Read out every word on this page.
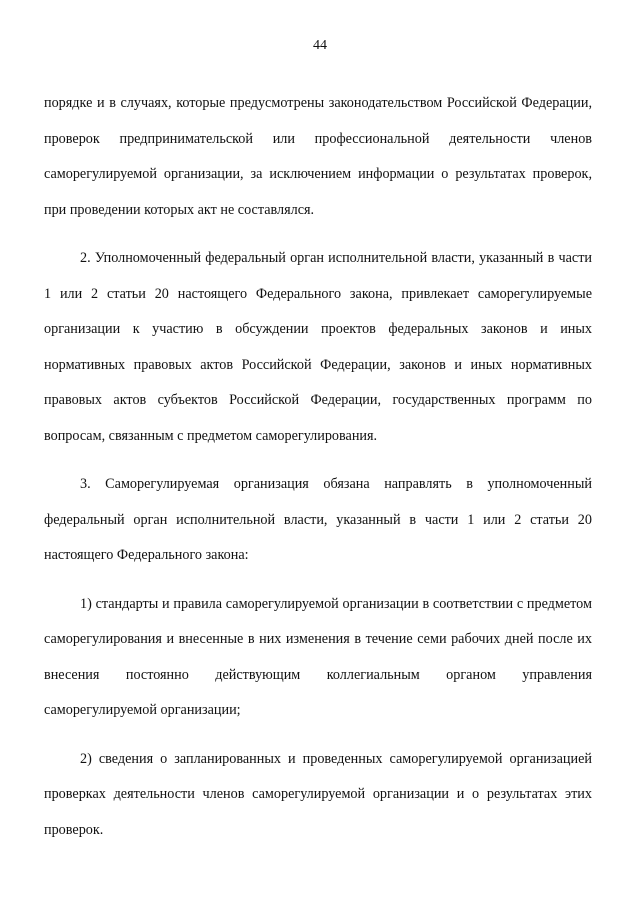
44

порядке и в случаях, которые предусмотрены законодательством Российской Федерации, проверок предпринимательской или профессиональной деятельности членов саморегулируемой организации, за исключением информации о результатах проверок, при проведении которых акт не составлялся.

2. Уполномоченный федеральный орган исполнительной власти, указанный в части 1 или 2 статьи 20 настоящего Федерального закона, привлекает саморегулируемые организации к участию в обсуждении проектов федеральных законов и иных нормативных правовых актов Российской Федерации, законов и иных нормативных правовых актов субъектов Российской Федерации, государственных программ по вопросам, связанным с предметом саморегулирования.

3. Саморегулируемая организация обязана направлять в уполномоченный федеральный орган исполнительной власти, указанный в части 1 или 2 статьи 20 настоящего Федерального закона:

1) стандарты и правила саморегулируемой организации в соответствии с предметом саморегулирования и внесенные в них изменения в течение семи рабочих дней после их внесения постоянно действующим коллегиальным органом управления саморегулируемой организации;

2) сведения о запланированных и проведенных саморегулируемой организацией проверках деятельности членов саморегулируемой организации и о результатах этих проверок.
